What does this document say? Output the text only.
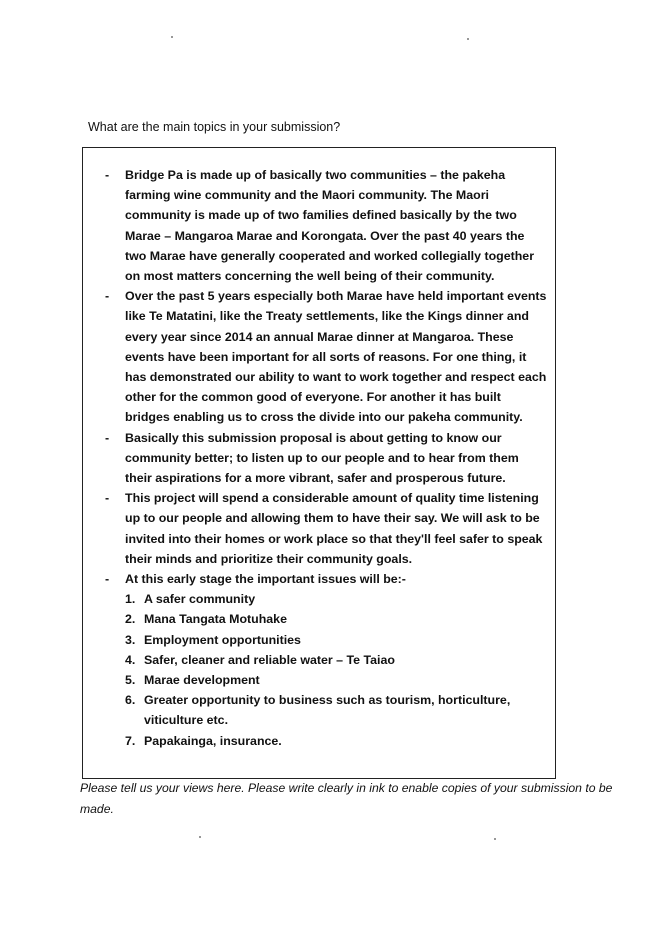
What are the main topics in your submission?
- Bridge Pa is made up of basically two communities – the pakeha farming wine community and the Maori community. The Maori community is made up of two families defined basically by the two Marae – Mangaroa Marae and Korongata. Over the past 40 years the two Marae have generally cooperated and worked collegially together on most matters concerning the well being of their community.
- Over the past 5 years especially both Marae have held important events like Te Matatini, like the Treaty settlements, like the Kings dinner and every year since 2014 an annual Marae dinner at Mangaroa. These events have been important for all sorts of reasons. For one thing, it has demonstrated our ability to want to work together and respect each other for the common good of everyone. For another it has built bridges enabling us to cross the divide into our pakeha community.
- Basically this submission proposal is about getting to know our community better; to listen up to our people and to hear from them their aspirations for a more vibrant, safer and prosperous future.
- This project will spend a considerable amount of quality time listening up to our people and allowing them to have their say. We will ask to be invited into their homes or work place so that they'll feel safer to speak their minds and prioritize their community goals.
- At this early stage the important issues will be:-
1. A safer community
2. Mana Tangata Motuhake
3. Employment opportunities
4. Safer, cleaner and reliable water – Te Taiao
5. Marae development
6. Greater opportunity to business such as tourism, horticulture, viticulture etc.
7. Papakainga, insurance.
Please tell us your views here. Please write clearly in ink to enable copies of your submission to be made.
